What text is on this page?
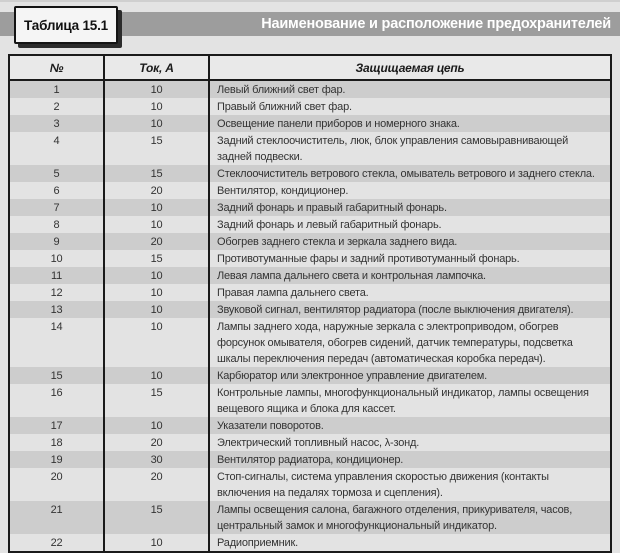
Наименование и расположение предохранителей
Таблица 15.1
№	Ток, А	Защищаемая цепь
1	10	Левый ближний свет фар.
2	10	Правый ближний свет фар.
3	10	Освещение панели приборов и номерного знака.
4	15	Задний стеклоочиститель, люк, блок управления самовыравнивающей задней подвески.
5	15	Стеклоочиститель ветрового стекла, омыватель ветрового и заднего стекла.
6	20	Вентилятор, кондиционер.
7	10	Задний фонарь и правый габаритный фонарь.
8	10	Задний фонарь и левый габаритный фонарь.
9	20	Обогрев заднего стекла и зеркала заднего вида.
10	15	Противотуманные фары и задний противотуманный фонарь.
11	10	Левая лампа дальнего света и контрольная лампочка.
12	10	Правая лампа дальнего света.
13	10	Звуковой сигнал, вентилятор радиатора (после выключения двигателя).
14	10	Лампы заднего хода, наружные зеркала с электроприводом, обогрев форсунок омывателя, обогрев сидений, датчик температуры, подсветка шкалы переключения передач (автоматическая коробка передач).
15	10	Карбюратор или электронное управление двигателем.
16	15	Контрольные лампы, многофункциональный индикатор, лампы освещения вещевого ящика и блока для кассет.
17	10	Указатели поворотов.
18	20	Электрический топливный насос, λ-зонд.
19	30	Вентилятор радиатора, кондиционер.
20	20	Стоп-сигналы, система управления скоростью движения (контакты включения на педалях тормоза и сцепления).
21	15	Лампы освещения салона, багажного отделения, прикуривателя, часов, центральный замок и многофункциональный индикатор.
22	10	Радиоприемник.
